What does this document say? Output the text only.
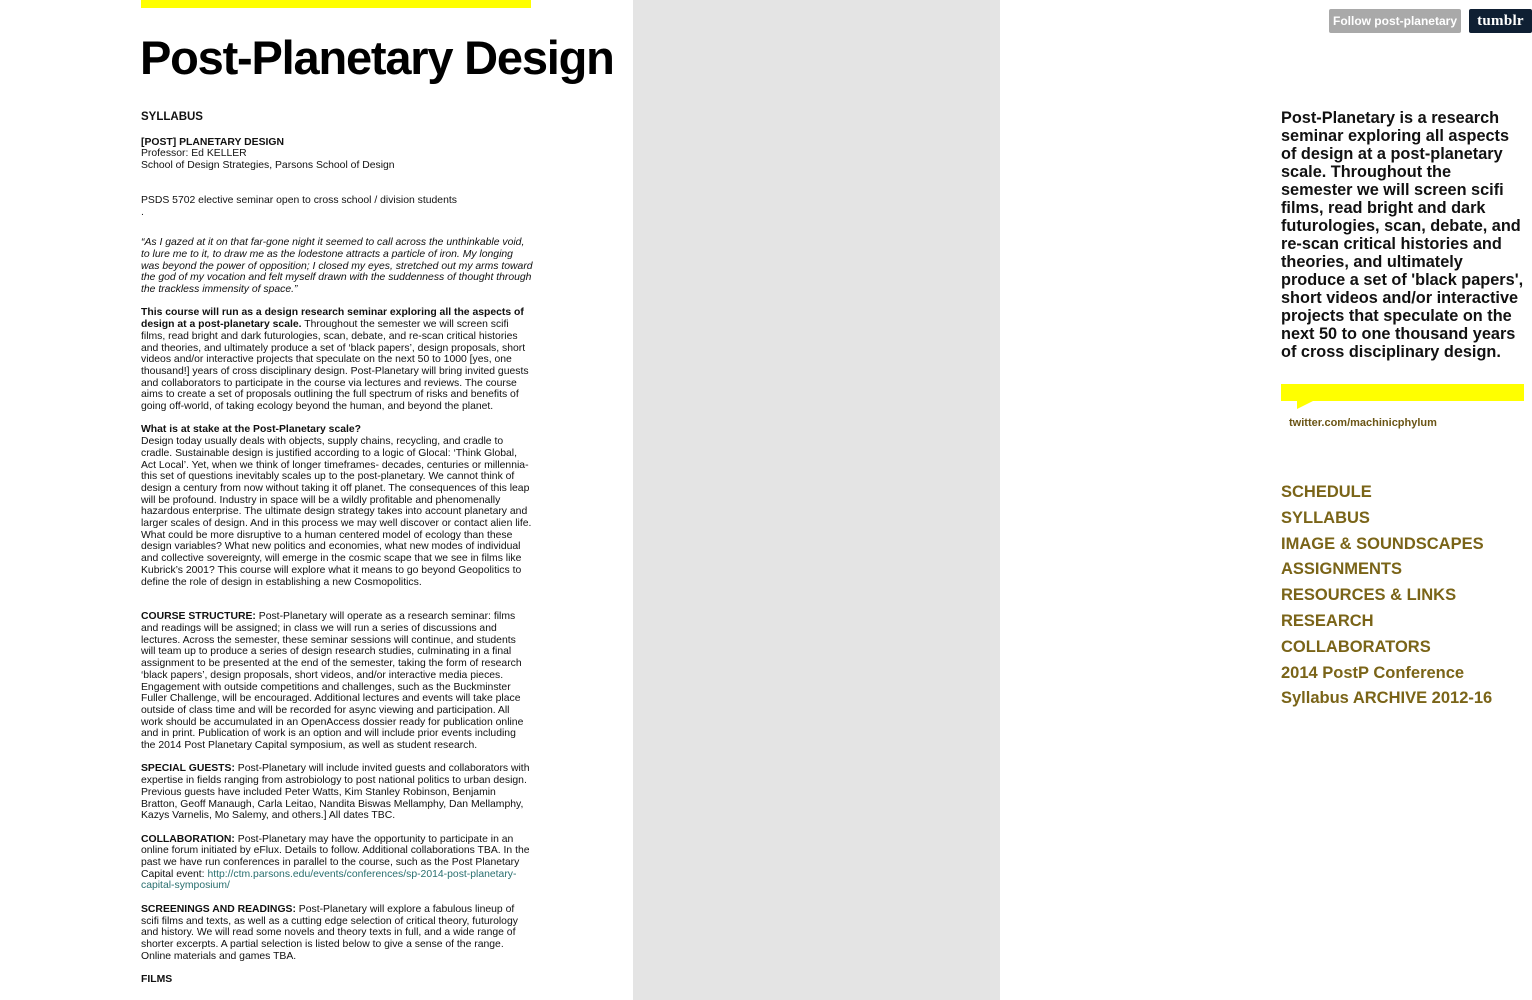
Post-Planetary Design

SYLLABUS

[POST] PLANETARY DESIGN
Professor: Ed KELLER
School of Design Strategies, Parsons School of Design

PSDS 5702 elective seminar open to cross school / division students
.

“As I gazed at it on that far-gone night it seemed to call across the unthinkable void, to lure me to it, to draw me as the lodestone attracts a particle of iron. My longing was beyond the power of opposition; I closed my eyes, stretched out my arms toward the god of my vocation and felt myself drawn with the suddenness of thought through the trackless immensity of space.”

This course will run as a design research seminar exploring all the aspects of design at a post-planetary scale. Throughout the semester we will screen scifi films, read bright and dark futurologies, scan, debate, and re-scan critical histories and theories, and ultimately produce a set of ‘black papers’, design proposals, short videos and/or interactive projects that speculate on the next 50 to 1000 [yes, one thousand!] years of cross disciplinary design. Post-Planetary will bring invited guests and collaborators to participate in the course via lectures and reviews. The course aims to create a set of proposals outlining the full spectrum of risks and benefits of going off-world, of taking ecology beyond the human, and beyond the planet.

What is at stake at the Post-Planetary scale?
Design today usually deals with objects, supply chains, recycling, and cradle to cradle. Sustainable design is justified according to a logic of Glocal: ‘Think Global, Act Local’. Yet, when we think of longer timeframes- decades, centuries or millennia- this set of questions inevitably scales up to the post-planetary. We cannot think of design a century from now without taking it off planet. The consequences of this leap will be profound. Industry in space will be a wildly profitable and phenomenally hazardous enterprise. The ultimate design strategy takes into account planetary and larger scales of design. And in this process we may well discover or contact alien life. What could be more disruptive to a human centered model of ecology than these design variables? What new politics and economies, what new modes of individual and collective sovereignty, will emerge in the cosmic scape that we see in films like Kubrick’s 2001? This course will explore what it means to go beyond Geopolitics to define the role of design in establishing a new Cosmopolitics.

COURSE STRUCTURE: Post-Planetary will operate as a research seminar: films and readings will be assigned; in class we will run a series of discussions and lectures. Across the semester, these seminar sessions will continue, and students will team up to produce a series of design research studies, culminating in a final assignment to be presented at the end of the semester, taking the form of research ‘black papers’, design proposals, short videos, and/or interactive media pieces. Engagement with outside competitions and challenges, such as the Buckminster Fuller Challenge, will be encouraged. Additional lectures and events will take place outside of class time and will be recorded for async viewing and participation. All work should be accumulated in an OpenAccess dossier ready for publication online and in print. Publication of work is an option and will include prior events including the 2014 Post Planetary Capital symposium, as well as student research.

SPECIAL GUESTS: Post-Planetary will include invited guests and collaborators with expertise in fields ranging from astrobiology to post national politics to urban design. Previous guests have included Peter Watts, Kim Stanley Robinson, Benjamin Bratton, Geoff Manaugh, Carla Leitao, Nandita Biswas Mellamphy, Dan Mellamphy, Kazys Varnelis, Mo Salemy, and others.] All dates TBC.

COLLABORATION: Post-Planetary may have the opportunity to participate in an online forum initiated by eFlux. Details to follow. Additional collaborations TBA. In the past we have run conferences in parallel to the course, such as the Post Planetary Capital event: http://ctm.parsons.edu/events/conferences/sp-2014-post-planetary-capital-symposium/

SCREENINGS AND READINGS: Post-Planetary will explore a fabulous lineup of scifi films and texts, as well as a cutting edge selection of critical theory, futurology and history. We will read some novels and theory texts in full, and a wide range of shorter excerpts. A partial selection is listed below to give a sense of the range. Online materials and games TBA.

FILMS

Follow post-planetary	tumblr

Post-Planetary is a research seminar exploring all aspects of design at a post-planetary scale. Throughout the semester we will screen scifi films, read bright and dark futurologies, scan, debate, and re-scan critical histories and theories, and ultimately produce a set of 'black papers', short videos and/or interactive projects that speculate on the next 50 to one thousand years of cross disciplinary design.

twitter.com/machinicphylum
SCHEDULE
SYLLABUS
IMAGE & SOUNDSCAPES
ASSIGNMENTS
RESOURCES & LINKS
RESEARCH
COLLABORATORS
2014 PostP Conference
Syllabus ARCHIVE 2012-16
